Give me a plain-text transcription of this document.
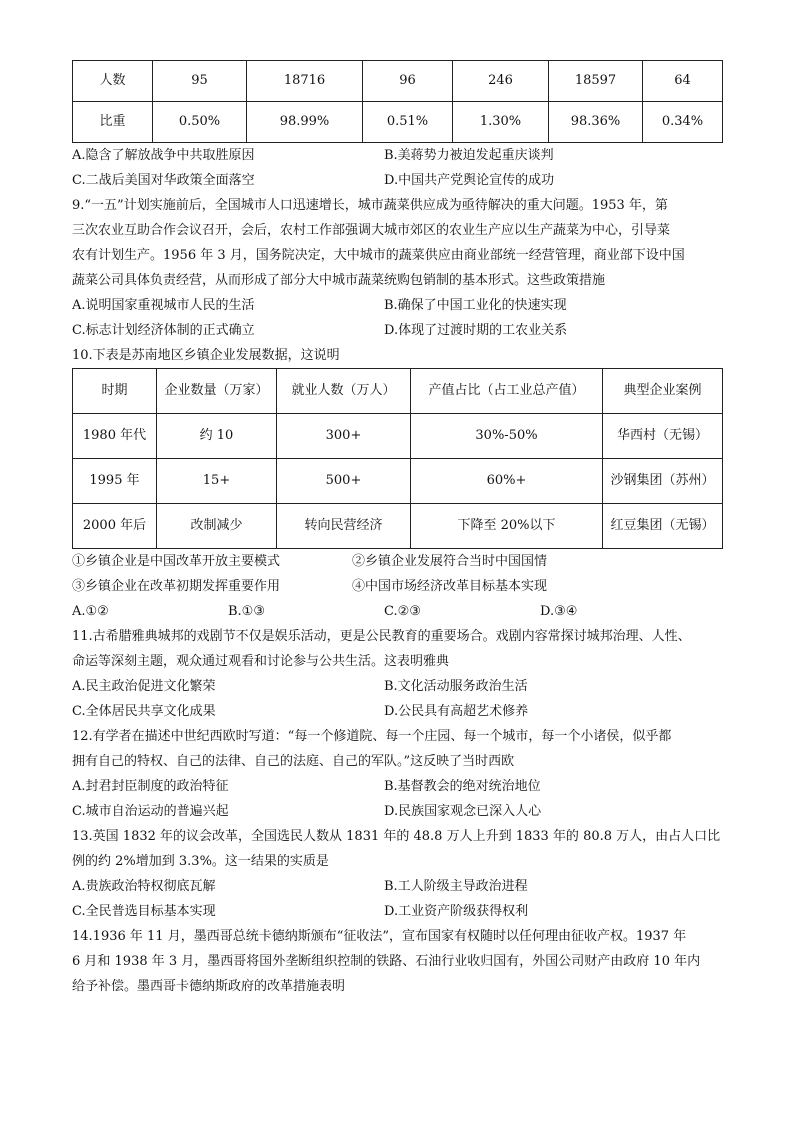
人数	95	18716	96	246	18597	64
比重	0.50%	98.99%	0.51%	1.30%	98.36%	0.34%
A.隐含了解放战争中共取胜原因	B.美蒋势力被迫发起重庆谈判
C.二战后美国对华政策全面落空	D.中国共产党舆论宣传的成功
9.“一五”计划实施前后，全国城市人口迅速增长，城市蔬菜供应成为亟待解决的重大问题。1953 年，第
三次农业互助合作会议召开，会后，农村工作部强调大城市郊区的农业生产应以生产蔬菜为中心，引导菜
农有计划生产。1956 年 3 月，国务院决定，大中城市的蔬菜供应由商业部统一经营管理，商业部下设中国
蔬菜公司具体负责经营，从而形成了部分大中城市蔬菜统购包销制的基本形式。这些政策措施
A.说明国家重视城市人民的生活	B.确保了中国工业化的快速实现
C.标志计划经济体制的正式确立	D.体现了过渡时期的工农业关系
10.下表是苏南地区乡镇企业发展数据，这说明
时期	企业数量（万家）	就业人数（万人）	产值占比（占工业总产值）	典型企业案例
1980 年代	约 10	300+	30%-50%	华西村（无锡）
1995 年	15+	500+	60%+	沙钢集团（苏州）
2000 年后	改制减少	转向民营经济	下降至 20%以下	红豆集团（无锡）
①乡镇企业是中国改革开放主要模式	②乡镇企业发展符合当时中国国情
③乡镇企业在改革初期发挥重要作用	④中国市场经济改革目标基本实现
A.①②	B.①③	C.②③	D.③④
11.古希腊雅典城邦的戏剧节不仅是娱乐活动，更是公民教育的重要场合。戏剧内容常探讨城邦治理、人性、
命运等深刻主题，观众通过观看和讨论参与公共生活。这表明雅典
A.民主政治促进文化繁荣	B.文化活动服务政治生活
C.全体居民共享文化成果	D.公民具有高超艺术修养
12.有学者在描述中世纪西欧时写道：“每一个修道院、每一个庄园、每一个城市，每一个小诸侯，似乎都
拥有自己的特权、自己的法律、自己的法庭、自己的军队。”这反映了当时西欧
A.封君封臣制度的政治特征	B.基督教会的绝对统治地位
C.城市自治运动的普遍兴起	D.民族国家观念已深入人心
13.英国 1832 年的议会改革，全国选民人数从 1831 年的 48.8 万人上升到 1833 年的 80.8 万人，由占人口比
例的约 2%增加到 3.3%。这一结果的实质是
A.贵族政治特权彻底瓦解	B.工人阶级主导政治进程
C.全民普选目标基本实现	D.工业资产阶级获得权利
14.1936 年 11 月，墨西哥总统卡德纳斯颁布“征收法”，宣布国家有权随时以任何理由征收产权。1937 年
6 月和 1938 年 3 月，墨西哥将国外垄断组织控制的铁路、石油行业收归国有，外国公司财产由政府 10 年内
给予补偿。墨西哥卡德纳斯政府的改革措施表明
